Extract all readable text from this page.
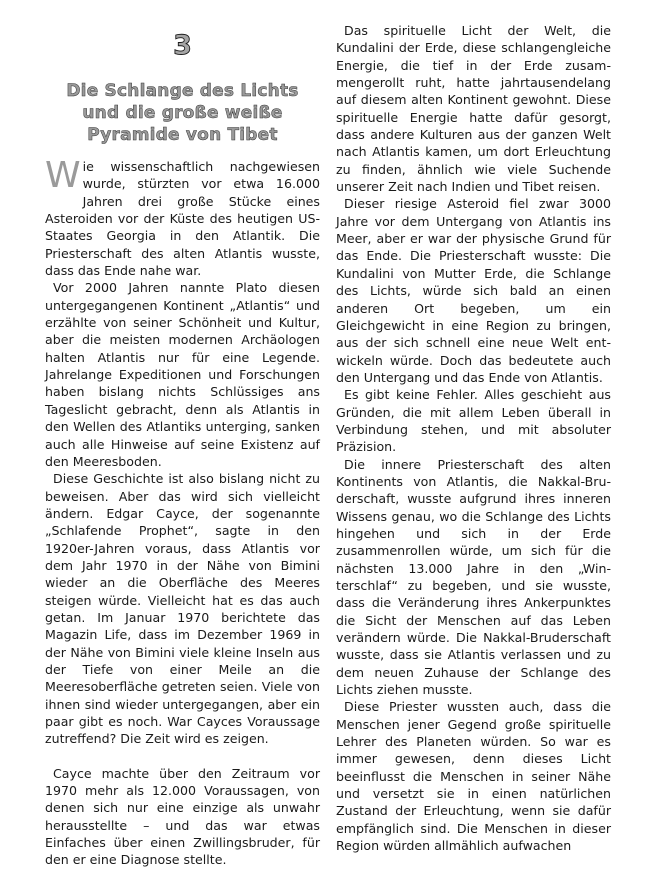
3
Die Schlange des Lichts
und die große weiße
Pyramide von Tibet

Wie wissenschaftlich nachgewiesen wurde, stürzten vor etwa 16.000 Jahren drei große Stücke eines Asteroiden vor der Küste des heutigen US-Staates Georgia in den Atlantik. Die Priesterschaft des alten Atlantis wusste, dass das Ende nahe war.

Vor 2000 Jahren nannte Plato diesen untergegangenen Kontinent „Atlantis“ und erzählte von seiner Schönheit und Kultur, aber die meisten modernen Archäologen halten Atlantis nur für eine Legende. Jahrelange Expeditionen und Forschungen haben bislang nichts Schlüssiges ans Tageslicht gebracht, denn als Atlantis in den Wellen des Atlantiks unterging, sanken auch alle Hinweise auf seine Existenz auf den Meeresboden.

Diese Geschichte ist also bislang nicht zu beweisen. Aber das wird sich vielleicht ändern. Edgar Cayce, der sogenannte „Schlafende Prophet“, sagte in den 1920er-Jahren voraus, dass Atlantis vor dem Jahr 1970 in der Nähe von Bimini wieder an die Oberfläche des Meeres steigen würde. Vielleicht hat es das auch getan. Im Januar 1970 berichtete das Magazin Life, dass im Dezember 1969 in der Nähe von Bimini viele kleine Inseln aus der Tiefe von einer Meile an die Meeresoberfläche getreten seien. Viele von ihnen sind wieder untergegangen, aber ein paar gibt es noch. War Cayces Voraussage zutreffend? Die Zeit wird es zeigen.

Cayce machte über den Zeitraum vor 1970 mehr als 12.000 Voraussagen, von denen sich nur eine einzige als unwahr herausstellte – und das war etwas Einfaches über einen Zwillingsbruder, für den er eine Diagnose stellte.

Das spirituelle Licht der Welt, die Kundalini der Erde, diese schlangengleiche Energie, die tief in der Erde zusammengerollt ruht, hatte jahrtausendelang auf diesem alten Kontinent gewohnt. Diese spirituelle Energie hatte dafür gesorgt, dass andere Kulturen aus der ganzen Welt nach Atlantis kamen, um dort Erleuchtung zu finden, ähnlich wie viele Suchende unserer Zeit nach Indien und Tibet reisen.

Dieser riesige Asteroid fiel zwar 3000 Jahre vor dem Untergang von Atlantis ins Meer, aber er war der physische Grund für das Ende. Die Priesterschaft wusste: Die Kundalini von Mutter Erde, die Schlange des Lichts, würde sich bald an einen anderen Ort begeben, um ein Gleichgewicht in eine Region zu bringen, aus der sich schnell eine neue Welt entwickeln würde. Doch das bedeutete auch den Untergang und das Ende von Atlantis.

Es gibt keine Fehler. Alles geschieht aus Gründen, die mit allem Leben überall in Verbindung stehen, und mit absoluter Präzision.

Die innere Priesterschaft des alten Kontinents von Atlantis, die Nakkal-Bruderschaft, wusste aufgrund ihres inneren Wissens genau, wo die Schlange des Lichts hingehen und sich in der Erde zusammenrollen würde, um sich für die nächsten 13.000 Jahre in den „Winterschlaf“ zu begeben, und sie wusste, dass die Veränderung ihres Ankerpunktes die Sicht der Menschen auf das Leben verändern würde. Die Nakkal-Bruderschaft wusste, dass sie Atlantis verlassen und zu dem neuen Zuhause der Schlange des Lichts ziehen musste.

Diese Priester wussten auch, dass die Menschen jener Gegend große spirituelle Lehrer des Planeten würden. So war es immer gewesen, denn dieses Licht beeinflusst die Menschen in seiner Nähe und versetzt sie in einen natürlichen Zustand der Erleuchtung, wenn sie dafür empfänglich sind. Die Menschen in dieser Region würden allmählich aufwachen
